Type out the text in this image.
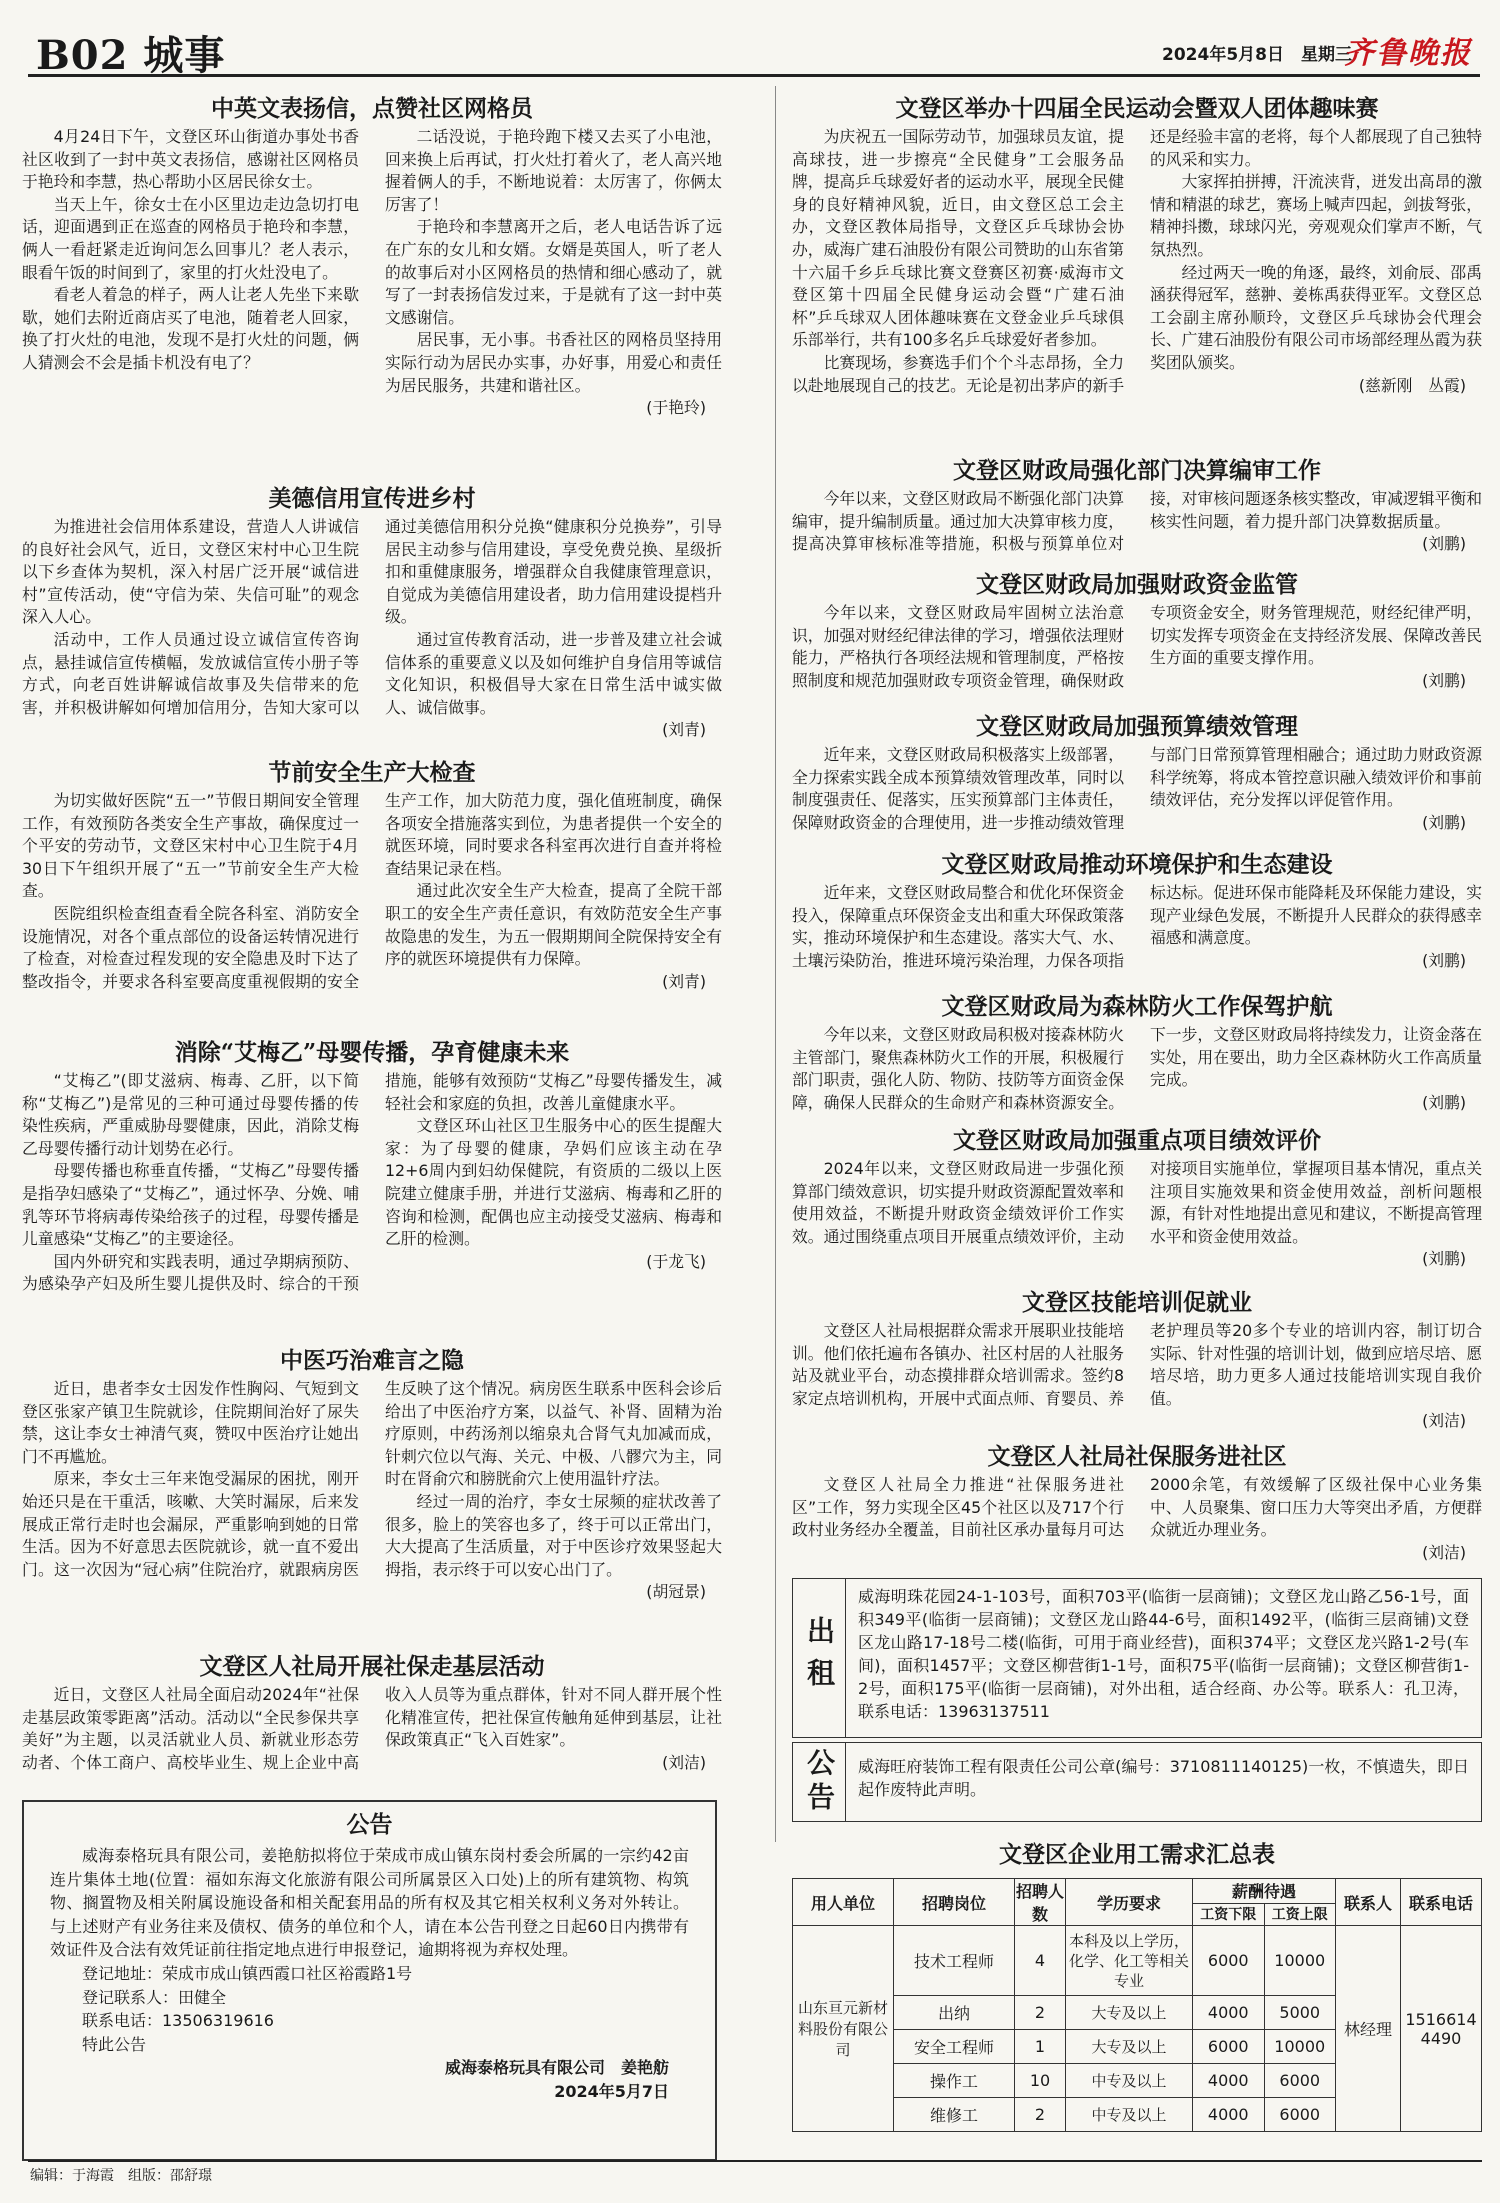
B02 城事	2024年5月8日　星期三
齐鲁晚报
中英文表扬信，点赞社区网格员

4月24日下午，文登区环山街道办事处书香社区收到了一封中英文表扬信，感谢社区网格员于艳玲和李慧，热心帮助小区居民徐女士。

当天上午，徐女士在小区里边走边急切打电话，迎面遇到正在巡查的网格员于艳玲和李慧，俩人一看赶紧走近询问怎么回事儿？老人表示，眼看午饭的时间到了，家里的打火灶没电了。

看老人着急的样子，两人让老人先坐下来歇歇，她们去附近商店买了电池，随着老人回家，换了打火灶的电池，发现不是打火灶的问题，俩人猜测会不会是插卡机没有电了？

二话没说，于艳玲跑下楼又去买了小电池，回来换上后再试，打火灶打着火了，老人高兴地握着俩人的手，不断地说着：太厉害了，你俩太厉害了！

于艳玲和李慧离开之后，老人电话告诉了远在广东的女儿和女婿。女婿是英国人，听了老人的故事后对小区网格员的热情和细心感动了，就写了一封表扬信发过来，于是就有了这一封中英文感谢信。

居民事，无小事。书香社区的网格员坚持用实际行动为居民办实事，办好事，用爱心和责任为居民服务，共建和谐社区。

(于艳玲)
美德信用宣传进乡村

为推进社会信用体系建设，营造人人讲诚信的良好社会风气，近日，文登区宋村中心卫生院以下乡查体为契机，深入村居广泛开展“诚信进村”宣传活动，使“守信为荣、失信可耻”的观念深入人心。

活动中，工作人员通过设立诚信宣传咨询点，悬挂诚信宣传横幅，发放诚信宣传小册子等方式，向老百姓讲解诚信故事及失信带来的危害，并积极讲解如何增加信用分，告知大家可以通过美德信用积分兑换“健康积分兑换券”，引导居民主动参与信用建设，享受免费兑换、星级折扣和重健康服务，增强群众自我健康管理意识，自觉成为美德信用建设者，助力信用建设提档升级。

通过宣传教育活动，进一步普及建立社会诚信体系的重要意义以及如何维护自身信用等诚信文化知识，积极倡导大家在日常生活中诚实做人、诚信做事。

(刘青)
节前安全生产大检查

为切实做好医院“五一”节假日期间安全管理工作，有效预防各类安全生产事故，确保度过一个平安的劳动节，文登区宋村中心卫生院于4月30日下午组织开展了“五一”节前安全生产大检查。

医院组织检查组查看全院各科室、消防安全设施情况，对各个重点部位的设备运转情况进行了检查，对检查过程发现的安全隐患及时下达了整改指令，并要求各科室要高度重视假期的安全生产工作，加大防范力度，强化值班制度，确保各项安全措施落实到位，为患者提供一个安全的就医环境，同时要求各科室再次进行自查并将检查结果记录在档。

通过此次安全生产大检查，提高了全院干部职工的安全生产责任意识，有效防范安全生产事故隐患的发生，为五一假期期间全院保持安全有序的就医环境提供有力保障。

(刘青)
消除“艾梅乙”母婴传播，孕育健康未来

“艾梅乙”(即艾滋病、梅毒、乙肝，以下简称“艾梅乙”)是常见的三种可通过母婴传播的传染性疾病，严重威胁母婴健康，因此，消除艾梅乙母婴传播行动计划势在必行。

母婴传播也称垂直传播，“艾梅乙”母婴传播是指孕妇感染了“艾梅乙”，通过怀孕、分娩、哺乳等环节将病毒传染给孩子的过程，母婴传播是儿童感染“艾梅乙”的主要途径。

国内外研究和实践表明，通过孕期病预防、为感染孕产妇及所生婴儿提供及时、综合的干预措施，能够有效预防“艾梅乙”母婴传播发生，减轻社会和家庭的负担，改善儿童健康水平。

文登区环山社区卫生服务中心的医生提醒大家：为了母婴的健康，孕妈们应该主动在孕12+6周内到妇幼保健院，有资质的二级以上医院建立健康手册，并进行艾滋病、梅毒和乙肝的咨询和检测，配偶也应主动接受艾滋病、梅毒和乙肝的检测。

(于龙飞)
中医巧治难言之隐

近日，患者李女士因发作性胸闷、气短到文登区张家产镇卫生院就诊，住院期间治好了尿失禁，这让李女士神清气爽，赞叹中医治疗让她出门不再尴尬。

原来，李女士三年来饱受漏尿的困扰，刚开始还只是在干重活，咳嗽、大笑时漏尿，后来发展成正常行走时也会漏尿，严重影响到她的日常生活。因为不好意思去医院就诊，就一直不爱出门。这一次因为“冠心病”住院治疗，就跟病房医生反映了这个情况。病房医生联系中医科会诊后给出了中医治疗方案，以益气、补肾、固精为治疗原则，中药汤剂以缩泉丸合肾气丸加减而成，针刺穴位以气海、关元、中极、八髎穴为主，同时在肾俞穴和膀胱俞穴上使用温针疗法。

经过一周的治疗，李女士尿频的症状改善了很多，脸上的笑容也多了，终于可以正常出门，大大提高了生活质量，对于中医诊疗效果竖起大拇指，表示终于可以安心出门了。

(胡冠景)
文登区人社局开展社保走基层活动

近日，文登区人社局全面启动2024年“社保走基层政策零距离”活动。活动以“全民参保共享美好”为主题，以灵活就业人员、新就业形态劳动者、个体工商户、高校毕业生、规上企业中高收入人员等为重点群体，针对不同人群开展个性化精准宣传，把社保宣传触角延伸到基层，让社保政策真正“飞入百姓家”。

(刘洁)
文登区举办十四届全民运动会暨双人团体趣味赛

为庆祝五一国际劳动节，加强球员友谊，提高球技，进一步擦亮“全民健身”工会服务品牌，提高乒乓球爱好者的运动水平，展现全民健身的良好精神风貌，近日，由文登区总工会主办，文登区教体局指导，文登区乒乓球协会协办，威海广建石油股份有限公司赞助的山东省第十六届千乡乒乓球比赛文登赛区初赛·威海市文登区第十四届全民健身运动会暨“广建石油杯”乒乓球双人团体趣味赛在文登金业乒乓球俱乐部举行，共有100多名乒乓球爱好者参加。

比赛现场，参赛选手们个个斗志昂扬，全力以赴地展现自己的技艺。无论是初出茅庐的新手还是经验丰富的老将，每个人都展现了自己独特的风采和实力。

大家挥拍拼搏，汗流浃背，迸发出高昂的激情和精湛的球艺，赛场上喊声四起，剑拔弩张，精神抖擞，球球闪光，旁观观众们掌声不断，气氛热烈。

经过两天一晚的角逐，最终，刘俞辰、邵禹涵获得冠军，慈翀、姜栋禹获得亚军。文登区总工会副主席孙顺玲，文登区乒乓球协会代理会长、广建石油股份有限公司市场部经理丛霞为获奖团队颁奖。

(慈新刚　丛霞)
文登区财政局强化部门决算编审工作

今年以来，文登区财政局不断强化部门决算编审，提升编制质量。通过加大决算审核力度，提高决算审核标准等措施，积极与预算单位对接，对审核问题逐条核实整改，审减逻辑平衡和核实性问题，着力提升部门决算数据质量。

(刘鹏)
文登区财政局加强财政资金监管

今年以来，文登区财政局牢固树立法治意识，加强对财经纪律法律的学习，增强依法理财能力，严格执行各项经法规和管理制度，严格按照制度和规范加强财政专项资金管理，确保财政专项资金安全，财务管理规范，财经纪律严明，切实发挥专项资金在支持经济发展、保障改善民生方面的重要支撑作用。

(刘鹏)
文登区财政局加强预算绩效管理

近年来，文登区财政局积极落实上级部署，全力探索实践全成本预算绩效管理改革，同时以制度强责任、促落实，压实预算部门主体责任，保障财政资金的合理使用，进一步推动绩效管理与部门日常预算管理相融合；通过助力财政资源科学统筹，将成本管控意识融入绩效评价和事前绩效评估，充分发挥以评促管作用。

(刘鹏)
文登区财政局推动环境保护和生态建设

近年来，文登区财政局整合和优化环保资金投入，保障重点环保资金支出和重大环保政策落实，推动环境保护和生态建设。落实大气、水、土壤污染防治，推进环境污染治理，力保各项指标达标。促进环保市能降耗及环保能力建设，实现产业绿色发展，不断提升人民群众的获得感幸福感和满意度。

(刘鹏)
文登区财政局为森林防火工作保驾护航

今年以来，文登区财政局积极对接森林防火主管部门，聚焦森林防火工作的开展，积极履行部门职责，强化人防、物防、技防等方面资金保障，确保人民群众的生命财产和森林资源安全。下一步，文登区财政局将持续发力，让资金落在实处，用在要出，助力全区森林防火工作高质量完成。

(刘鹏)
文登区财政局加强重点项目绩效评价

2024年以来，文登区财政局进一步强化预算部门绩效意识，切实提升财政资源配置效率和使用效益，不断提升财政资金绩效评价工作实效。通过围绕重点项目开展重点绩效评价，主动对接项目实施单位，掌握项目基本情况，重点关注项目实施效果和资金使用效益，剖析问题根源，有针对性地提出意见和建议，不断提高管理水平和资金使用效益。

(刘鹏)
文登区技能培训促就业

文登区人社局根据群众需求开展职业技能培训。他们依托遍布各镇办、社区村居的人社服务站及就业平台，动态摸排群众培训需求。签约8家定点培训机构，开展中式面点师、育婴员、养老护理员等20多个专业的培训内容，制订切合实际、针对性强的培训计划，做到应培尽培、愿培尽培，助力更多人通过技能培训实现自我价值。

(刘洁)
文登区人社局社保服务进社区

文登区人社局全力推进“社保服务进社区”工作，努力实现全区45个社区以及717个行政村业务经办全覆盖，目前社区承办量每月可达2000余笔，有效缓解了区级社保中心业务集中、人员聚集、窗口压力大等突出矛盾，方便群众就近办理业务。

(刘洁)
公告

威海泰格玩具有限公司，姜艳舫拟将位于荣成市成山镇东岗村委会所属的一宗约42亩连片集体土地(位置：福如东海文化旅游有限公司所属景区入口处)上的所有建筑物、构筑物、搁置物及相关附属设施设备和相关配套用品的所有权及其它相关权利义务对外转让。与上述财产有业务往来及债权、债务的单位和个人，请在本公告刊登之日起60日内携带有效证件及合法有效凭证前往指定地点进行申报登记，逾期将视为弃权处理。

登记地址：荣成市成山镇西霞口社区裕霞路1号
登记联系人：田健全
联系电话：13506319616
特此公告
威海泰格玩具有限公司　姜艳舫
2024年5月7日
出租
威海明珠花园24-1-103号，面积703平(临街一层商铺)；文登区龙山路乙56-1号，面积349平(临街一层商铺)；文登区龙山路44-6号，面积1492平，(临街三层商铺)文登区龙山路17-18号二楼(临街，可用于商业经营)，面积374平；文登区龙兴路1-2号(车间)，面积1457平；文登区柳营街1-1号，面积75平(临街一层商铺)；文登区柳营街1-2号，面积175平(临街一层商铺)，对外出租，适合经商、办公等。联系人：孔卫涛，联系电话：13963137511
公告	威海旺府装饰工程有限责任公司公章(编号：3710811140125)一枚，不慎遗失，即日起作废特此声明。
文登区企业用工需求汇总表
用人单位	招聘岗位	招聘人数	学历要求	薪酬待遇		联系人	联系电话
				工资下限	工资上限		
山东亘元新材料股份有限公司	技术工程师	4	本科及以上学历，化学、化工等相关专业	6000	10000	林经理	15166144490
	出纳	2	大专及以上	4000	5000		
	安全工程师	1	大专及以上	6000	10000		
	操作工	10	中专及以上	4000	6000		
	维修工	2	中专及以上	4000	6000		
编辑：于海霞　组版：邵舒璟
